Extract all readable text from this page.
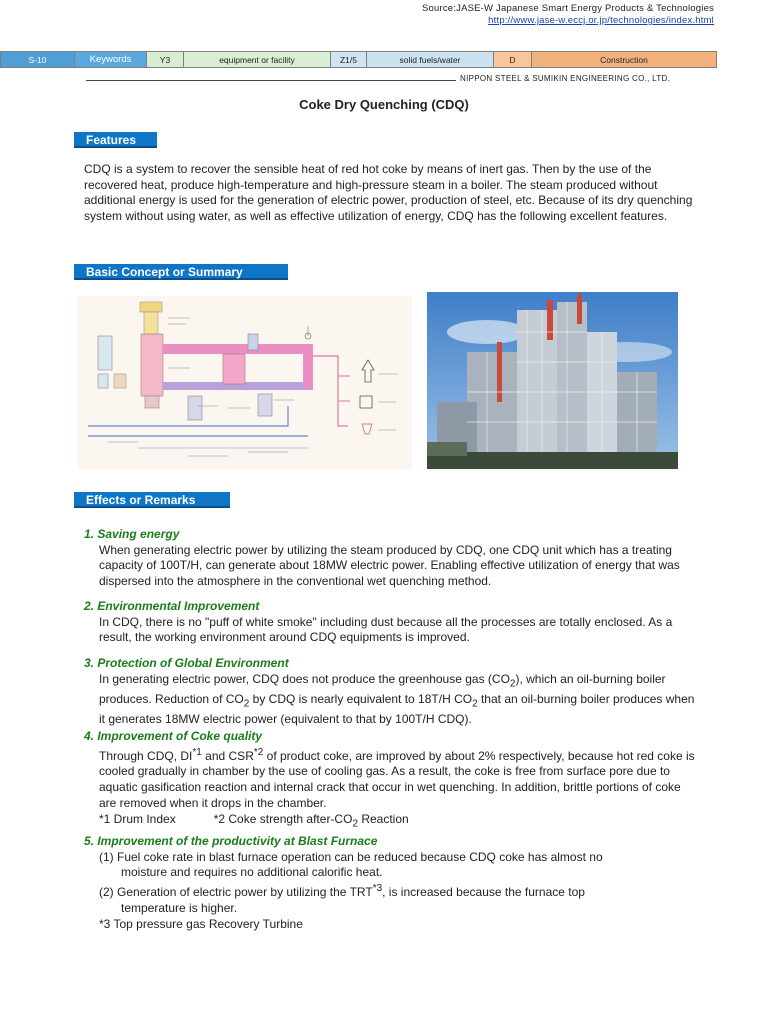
Source:JASE-W Japanese Smart Energy Products & Technologies
http://www.jase-w.eccj.or.jp/technologies/index.html
S-10	Keywords	Y3	equipment or facility	Z1/5	solid fuels/water	D	Construction
NIPPON STEEL & SUMIKIN ENGINEERING CO., LTD.
Coke Dry Quenching (CDQ)
Features
CDQ is a system to recover the sensible heat of red hot coke by means of inert gas. Then by the use of the recovered heat, produce high-temperature and high-pressure steam in a boiler. The steam produced without additional energy is used for the generation of electric power, production of steel, etc. Because of its dry quenching system without using water, as well as effective utilization of energy, CDQ has the following excellent features.
Basic Concept or Summary
Effects or Remarks
1. Saving energy
When generating electric power by utilizing the steam produced by CDQ, one CDQ unit which has a treating capacity of 100T/H, can generate about 18MW electric power. Enabling effective utilization of energy that was dispersed into the atmosphere in the conventional wet quenching method.
2. Environmental Improvement
In CDQ, there is no "puff of white smoke" including dust because all the processes are totally enclosed. As a result, the working environment around CDQ equipments is improved.
3. Protection of Global Environment
In generating electric power, CDQ does not produce the greenhouse gas $(CO_2)$, which an oil-burning boiler produces. Reduction of $CO_2$ by CDQ is nearly equivalent to 18T/H $CO_2$ that an oil-burning boiler produces when it generates 18MW electric power (equivalent to that by 100T/H CDQ).
4. Improvement of Coke quality
Through CDQ, DI$^{*1}$ and CSR$^{*2}$ of product coke, are improved by about 2% respectively, because hot red coke is cooled gradually in chamber by the use of cooling gas. As a result, the coke is free from surface pore due to aquatic gasification reaction and internal crack that occur in wet quenching. In addition, brittle portions of coke are removed when it drops in the chamber.
*1 Drum Index	*2 Coke strength after-$CO_2$ Reaction
5. Improvement of the productivity at Blast Furnace
(1) Fuel coke rate in blast furnace operation can be reduced because CDQ coke has almost no
moisture and requires no additional calorific heat.
(2) Generation of electric power by utilizing the TRT$^{*3}$, is increased because the furnace top
temperature is higher.
*3 Top pressure gas Recovery Turbine
